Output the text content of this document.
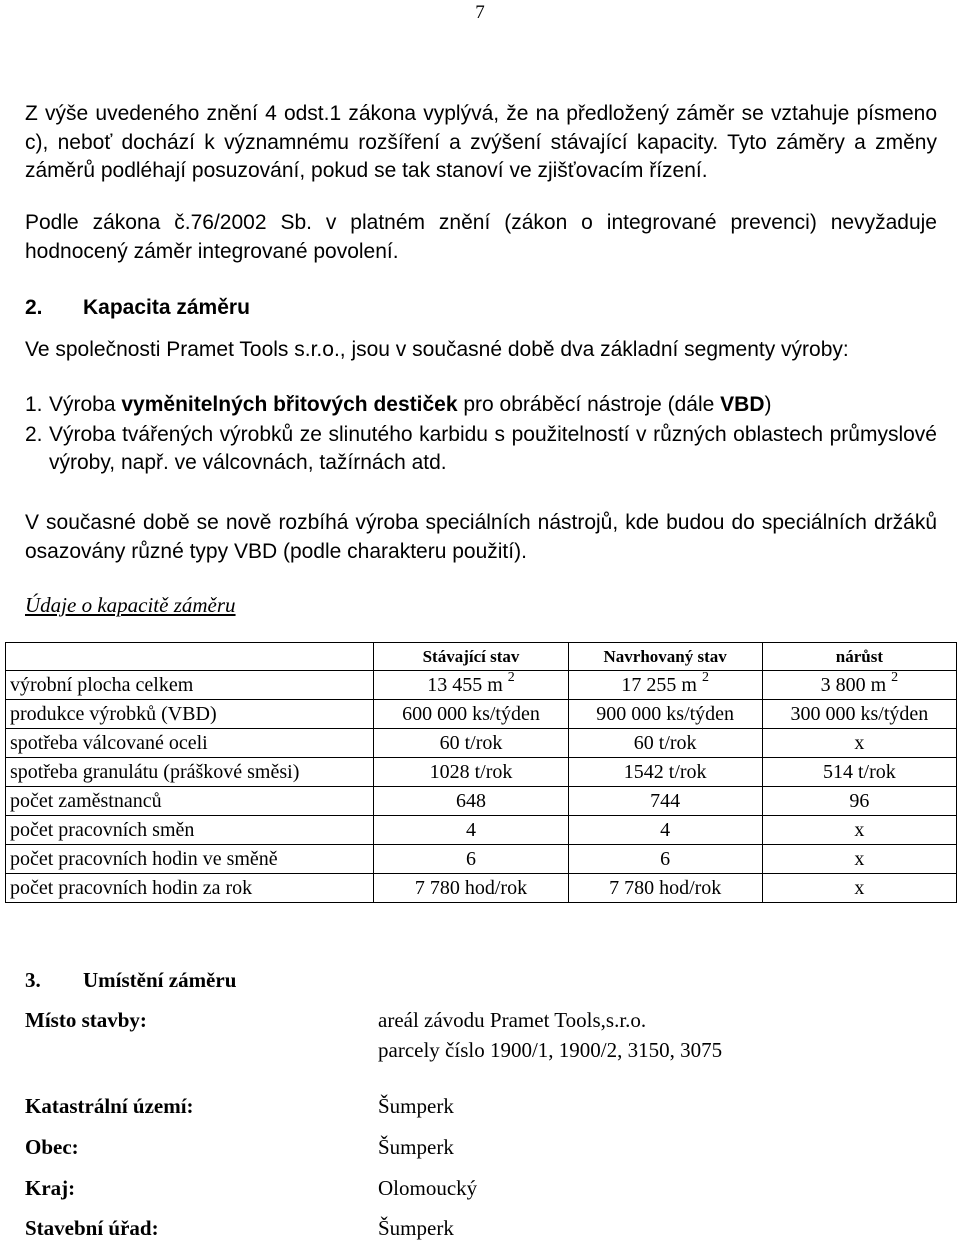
7
Z výše uvedeného znění 4 odst.1 zákona vyplývá, že na předložený záměr se vztahuje písmeno c), neboť dochází k významnému rozšíření a zvýšení stávající kapacity. Tyto záměry a změny záměrů podléhají posuzování, pokud se tak stanoví ve zjišťovacím řízení.
Podle zákona č.76/2002 Sb. v platném znění (zákon o integrované prevenci) nevyžaduje hodnocený záměr integrované povolení.
2. Kapacita záměru
Ve společnosti Pramet Tools s.r.o., jsou v současné době dva základní segmenty výroby:
1. Výroba vyměnitelných břitových destiček pro obráběcí nástroje (dále VBD)
2. Výroba tvářených výrobků ze slinutého karbidu s použitelností v různých oblastech průmyslové výroby, např. ve válcovnách, tažírnách atd.
V současné době se nově rozbíhá výroba speciálních nástrojů, kde budou do speciálních držáků osazovány různé typy VBD (podle charakteru použití).
Údaje o kapacitě záměru
	Stávající stav	Navrhovaný stav	nárůst
výrobní plocha celkem	13 455 m $^2$	17 255 m $^2$	3 800 m $^2$
produkce výrobků (VBD)	600 000 ks/týden	900 000 ks/týden	300 000 ks/týden
spotřeba válcované oceli	60 t/rok	60 t/rok	x
spotřeba granulátu (práškové směsi)	1028 t/rok	1542 t/rok	514 t/rok
počet zaměstnanců	648	744	96
počet pracovních směn	4	4	x
počet pracovních hodin ve směně	6	6	x
počet pracovních hodin za rok	7 780 hod/rok	7 780 hod/rok	x
3. Umístění záměru
Místo stavby:	areál závodu Pramet Tools,s.r.o.
parcely číslo 1900/1, 1900/2, 3150, 3075
Katastrální území:	Šumperk
Obec:	Šumperk
Kraj:	Olomoucký
Stavební úřad:	Šumperk
